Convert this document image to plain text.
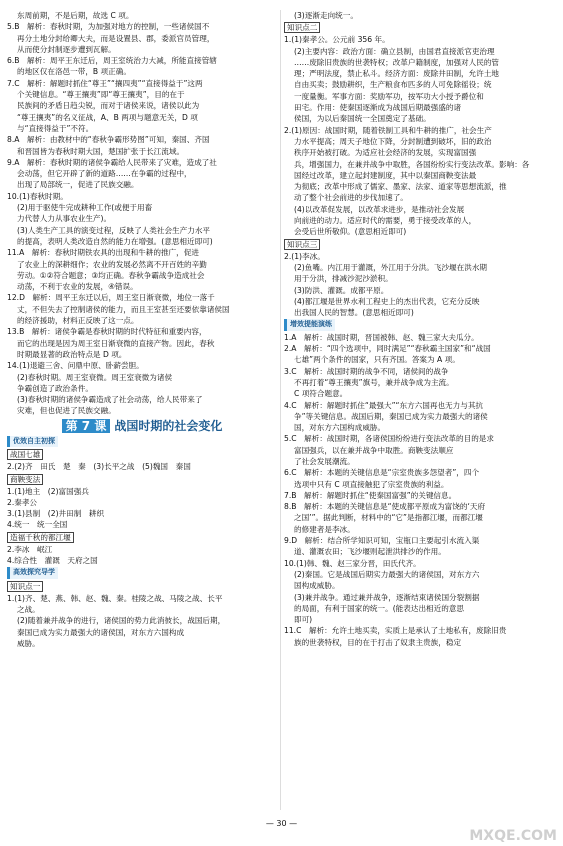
东周前期，不是后期，故选 C 项。

5.B　解析：春秋时期，为加强对地方的控制，一些诸侯国不

再分土地分封给卿大夫，而是设置县、郡，委派官员管理，

从而使分封制逐步遭到瓦解。

6.B　解析：周平王东迁后，周王室统治力大减，所能直接管辖

的地区仅在洛邑一带，B 项正确。

7.C　解析：解题时抓住“尊王”“攘四夷”“直接得益于”这两

个关键信息。“尊王攘夷”即“尊王攘夷”，目的在于

民族间的矛盾日趋尖锐，而对于诸侯来说，诸侯以此为

“尊王攘夷”的名义征战，A、B 两项与题意无关，D 项

与“直接得益于”不符。

8.A　解析：由教材中的“春秋争霸形势图”可知，秦国、齐国

和晋国皆为春秋时期大国，楚国扩张于长江流域。

9.A　解析：春秋时期的诸侯争霸给人民带来了灾难，造成了社

会动荡，但它开辟了新的道路……在争霸的过程中，

出现了局部统一，促进了民族交融。

10.(1)春秋时期。

(2)用于驱使牛完成耕种工作(或便于用畜

力代替人力从事农业生产)。

(3)人类生产工具的演变过程，反映了人类社会生产力水平

的提高，表明人类改造自然的能力在增强。(意思相近即可)

11.A　解析：春秋时期铁农具的出现和牛耕的推广，促进

了农业上的深耕细作；农业的发展必然离不开百姓的辛勤

劳动。①②符合题意；③均正确。春秋争霸战争造成社会

动荡，不利于农业的发展，④错误。

12.D　解析：周平王东迁以后，周王室日渐衰微，地位一落千

丈，不但失去了控制诸侯的能力，而且王室甚至还要依靠诸侯国

的经济援助，材料正反映了这一点。

13.B　解析：诸侯争霸是春秋时期的时代特征和重要内容，

而它的出现是因为周王室日渐衰微的直接产物。因此，春秋

时期最显著的政治特点是 D 项。

14.(1)退避三舍、问鼎中原、卧薪尝胆。

(2)春秋时期。周王室衰微。周王室衰微为诸侯

争霸创造了政治条件。

(3)春秋时期的诸侯争霸造成了社会动荡，给人民带来了

灾难，但也促进了民族交融。

第 7 课 战国时期的社会变化
优效自主初探
战国七雄

2.(2)齐　田氏　楚　秦　(3)长平之战　(5)魏国　秦国

商鞅变法

1.(1)地主　(2)富国强兵

2.秦孝公

3.(1)县制　(2)井田制　耕织

4.统一　统一全国

造福千秋的都江堰

2.李冰　岷江

4.综合性　灌溉　天府之国

高效探究导学
知识点一

1.(1)齐、楚、燕、韩、赵、魏、秦。桂陵之战、马陵之战、长平

之战。

(2)随着兼并战争的进行，诸侯国的势力此消彼长，战国后期，

秦国已成为实力最强大的诸侯国，对东方六国构成

威胁。

(3)逐渐走向统一。

知识点二

1.(1)秦孝公。公元前 356 年。

(2)主要内容：政治方面：确立县制，由国君直接派官吏治理

……废除旧贵族的世袭特权；改革户籍制度，加强对人民的管

理；严明法度，禁止私斗。经济方面：废除井田制，允许土地

自由买卖；鼓励耕织，生产粮食布匹多的人可免除徭役；统

一度量衡。军事方面：奖励军功，按军功大小授予爵位和

田宅。作用：使秦国逐渐成为战国后期最强盛的诸

侯国，为以后秦国统一全国奠定了基础。

2.(1)原因：战国时期，随着铁制工具和牛耕的推广，社会生产

力水平提高；周天子地位下降，分封制遭到破坏，旧的政治

秩序开始被打破。为适应社会经济的发展，实现富国强

兵，增强国力，在兼并战争中取胜，各国纷纷实行变法改革。影响：各

国经过改革，建立起封建制度，其中以秦国商鞅变法最

为彻底；改革中形成了儒家、墨家、法家、道家等思想流派，推

动了整个社会前进的步伐加速了。

(4)以改革促发展，以改革求进步，是推动社会发展

向前进的动力。适应时代的需要，勇于接受改革的人，

会受后世所敬仰。(意思相近即可)

知识点三

2.(1)李冰。

(2)鱼嘴。内江用于灌溉，外江用于分洪。飞沙堰在洪水期

用于分洪，排减沙泥沙淤积。

(3)防洪、灌溉。成都平原。

(4)都江堰是世界水利工程史上的杰出代表，它充分反映

出我国人民的智慧。(意思相近即可)

增效提能演练

1.A　解析：战国时期，晋国被韩、赵、魏三家大夫瓜分。

2.A　解析：“四个选项中，同时满足”“春秋霸主国家”和“战国

七雄”两个条件的国家，只有齐国。答案为 A 项。

3.C　解析：战国时期的战争不同，诸侯间的战争

不再打着“尊王攘夷”旗号，兼并战争成为主流。

C 项符合题意。

4.C　解析：解题时抓住“最强大”“东方六国再也无力与其抗

争”等关键信息。战国后期，秦国已成为实力最强大的诸侯

国，对东方六国构成威胁。

5.C　解析：战国时期，各诸侯国纷纷进行变法改革的目的是求

富国强兵，以在兼并战争中取胜。商鞅变法顺应

了社会发展潮流。

6.C　解析：本题的关键信息是“宗室贵族多怨望者”，四个

选项中只有 C 项直接触犯了宗室贵族的利益。

7.B　解析：解题时抓住“使秦国富强”的关键信息。

8.B　解析：本题的关键信息是“使成都平原成为富饶的‘天府

之国’”。据此判断，材料中的“它”是指都江堰，而都江堰

的修建者是李冰。

9.D　解析：结合所学知识可知，宝瓶口主要起引水流入渠

道、灌溉农田；飞沙堰则起泄洪排沙的作用。

10.(1)韩、魏、赵三家分晋，田氏代齐。

(2)秦国。它是战国后期实力最强大的诸侯国，对东方六

国构成威胁。

(3)兼并战争。通过兼并战争，逐渐结束诸侯国分裂割据

的局面，有利于国家的统一。(能表达出相近的意思

即可)

11.C　解析：允许土地买卖，实质上是承认了土地私有，废除旧贵

族的世袭特权，目的在于打击了奴隶主贵族，稳定

— 30 —
MXQE.COM
